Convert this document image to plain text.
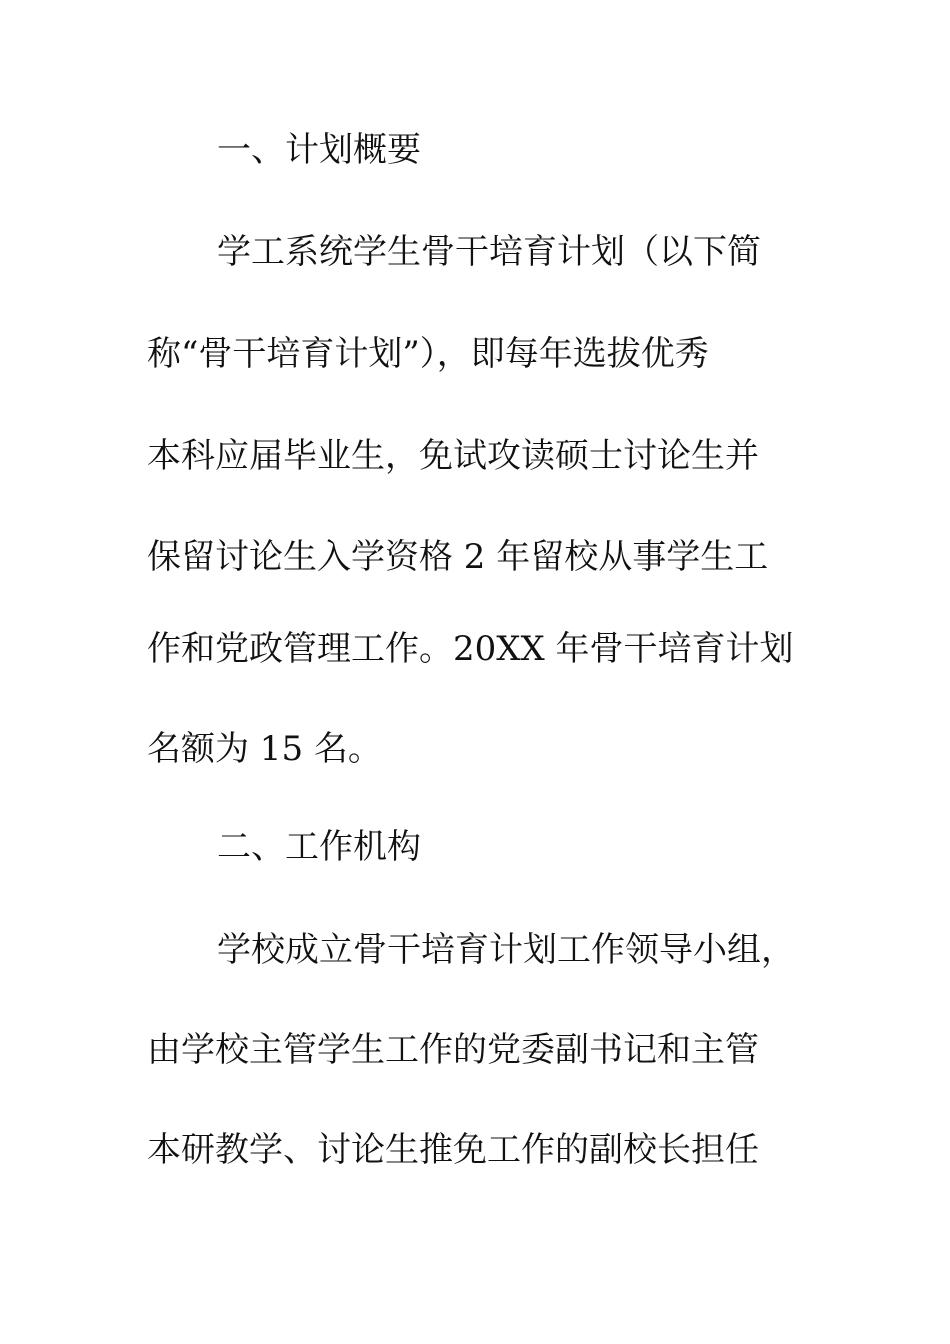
一、计划概要
学工系统学生骨干培育计划（以下简
称“骨干培育计划”），即每年选拔优秀
本科应届毕业生，免试攻读硕士讨论生并
保留讨论生入学资格 2 年留校从事学生工
作和党政管理工作。20XX 年骨干培育计划
名额为 15 名。
二、工作机构
学校成立骨干培育计划工作领导小组，
由学校主管学生工作的党委副书记和主管
本研教学、讨论生推免工作的副校长担任
